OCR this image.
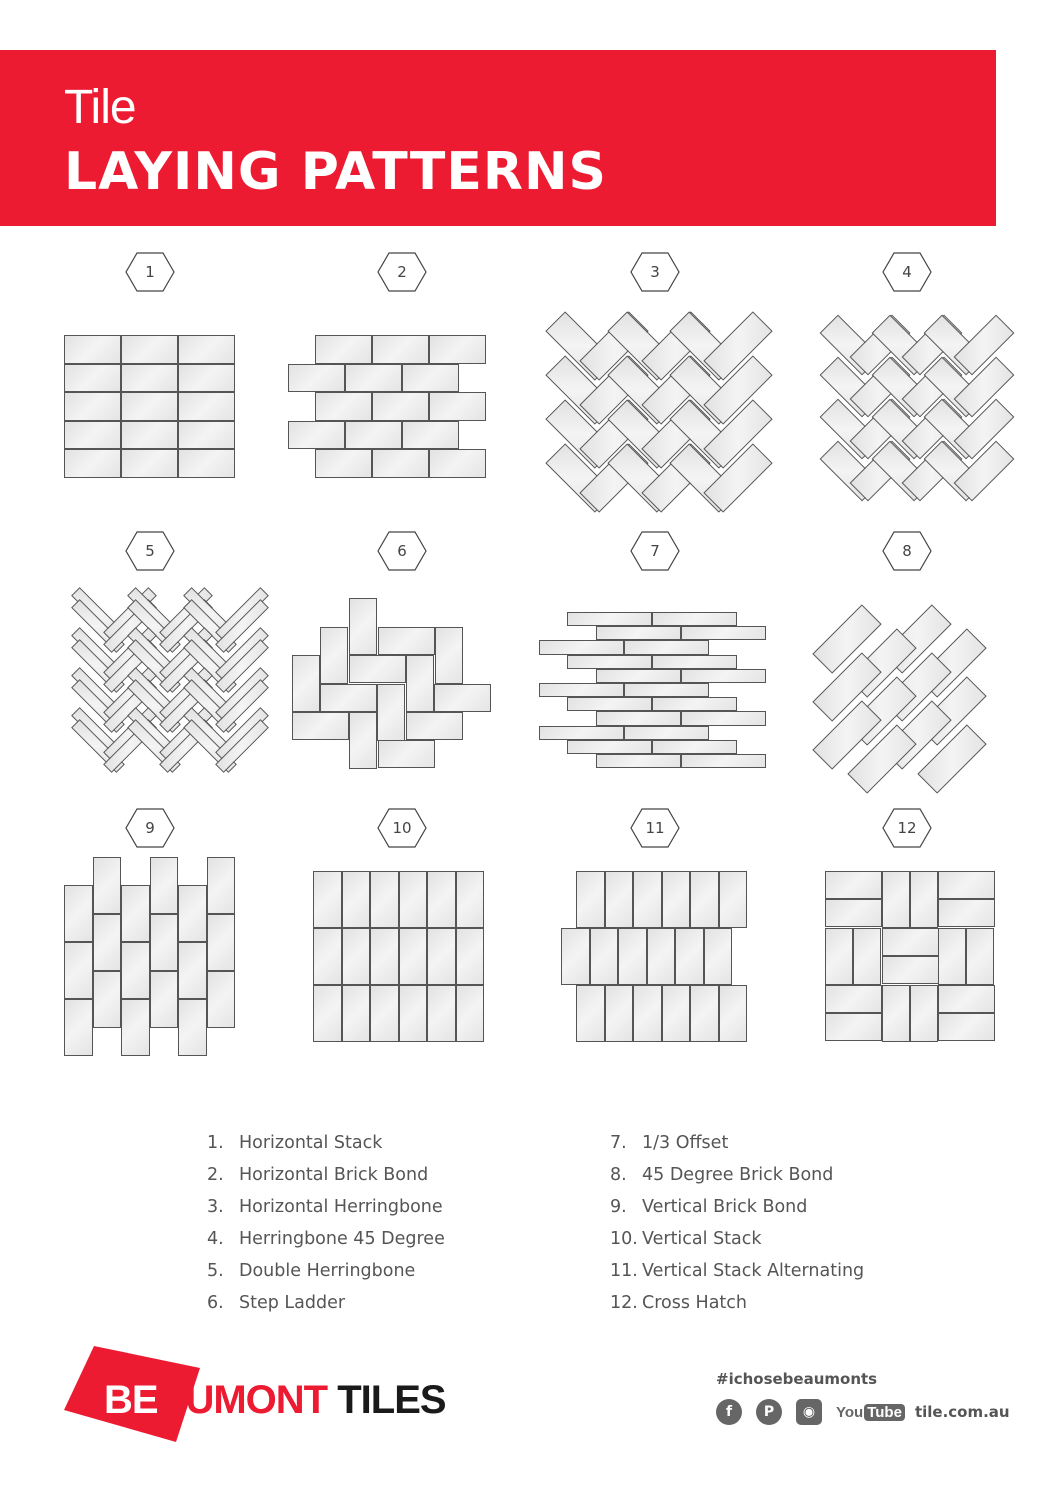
Tile
LAYING PATTERNS
1	2	3	4
5	6	7	8
9	10	11	12
1. Horizontal Stack
2. Horizontal Brick Bond
3. Horizontal Herringbone
4. Herringbone 45 Degree
5. Double Herringbone
6. Step Ladder
7. 1/3 Offset
8. 45 Degree Brick Bond
9. Vertical Brick Bond
10. Vertical Stack
11. Vertical Stack Alternating
12. Cross Hatch
BEAUMONT TILES	#ichosebeaumonts
f	P	◉	You Tube tile.com.au
